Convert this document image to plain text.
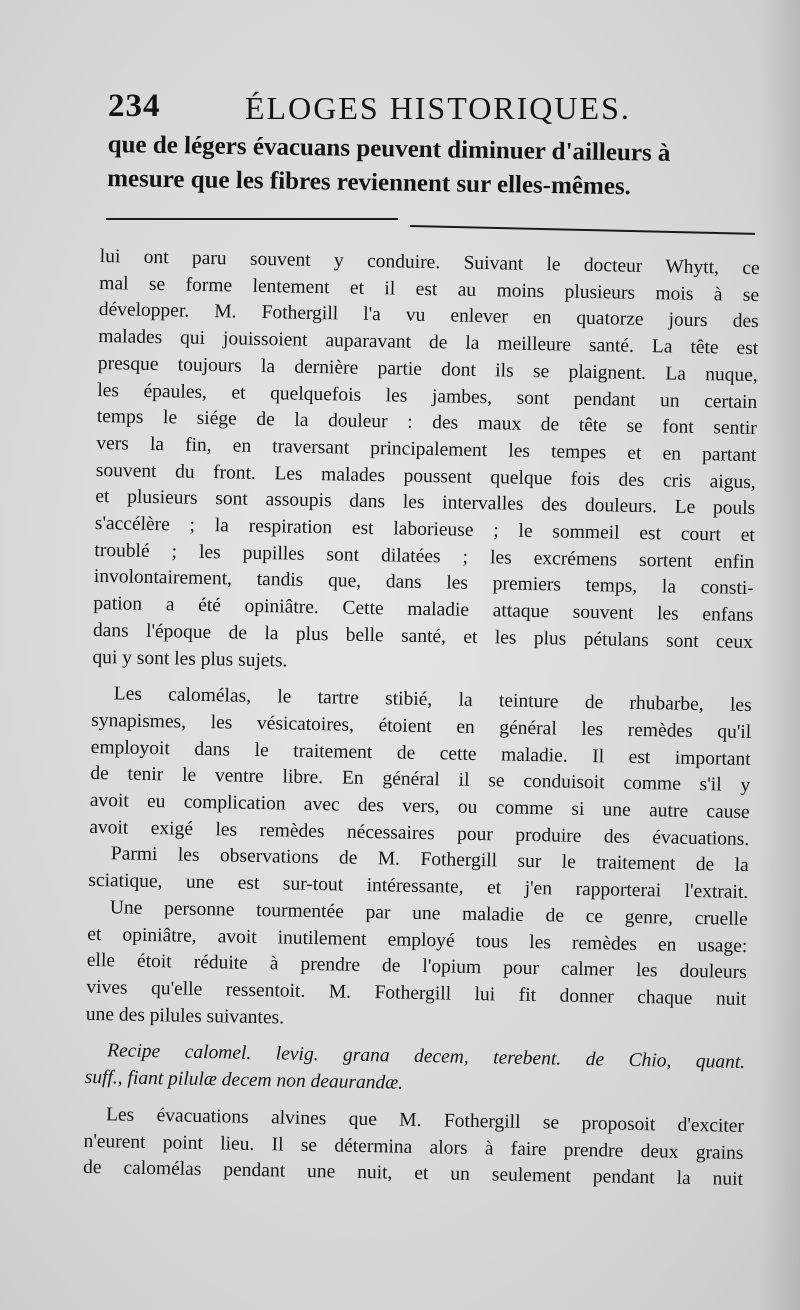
234	ÉLOGES HISTORIQUES.
que de légers évacuans peuvent diminuer d'ailleurs à
mesure que les fibres reviennent sur elles-mêmes.

lui ont paru souvent y conduire. Suivant le docteur Whytt, ce
mal se forme lentement et il est au moins plusieurs mois à se
développer. M. Fothergill l'a vu enlever en quatorze jours des
malades qui jouissoient auparavant de la meilleure santé. La tête est
presque toujours la dernière partie dont ils se plaignent. La nuque,
les épaules, et quelquefois les jambes, sont pendant un certain
temps le siége de la douleur : des maux de tête se font sentir
vers la fin, en traversant principalement les tempes et en partant
souvent du front. Les malades poussent quelque fois des cris aigus,
et plusieurs sont assoupis dans les intervalles des douleurs. Le pouls
s'accélère ; la respiration est laborieuse ; le sommeil est court et
troublé ; les pupilles sont dilatées ; les excrémens sortent enfin
involontairement, tandis que, dans les premiers temps, la consti-
pation a été opiniâtre. Cette maladie attaque souvent les enfans
dans l'époque de la plus belle santé, et les plus pétulans sont ceux
qui y sont les plus sujets.

Les calomélas, le tartre stibié, la teinture de rhubarbe, les
synapismes, les vésicatoires, étoient en général les remèdes qu'il
employoit dans le traitement de cette maladie. Il est important
de tenir le ventre libre. En général il se conduisoit comme s'il y
avoit eu complication avec des vers, ou comme si une autre cause
avoit exigé les remèdes nécessaires pour produire des évacuations.

Parmi les observations de M. Fothergill sur le traitement de la
sciatique, une est sur-tout intéressante, et j'en rapporterai l'extrait.

Une personne tourmentée par une maladie de ce genre, cruelle
et opiniâtre, avoit inutilement employé tous les remèdes en usage:
elle étoit réduite à prendre de l'opium pour calmer les douleurs
vives qu'elle ressentoit. M. Fothergill lui fit donner chaque nuit
une des pilules suivantes.

Recipe calomel. levig. grana decem, terebent. de Chio, quant.
suff., fiant pilulæ decem non deaurandæ.

Les évacuations alvines que M. Fothergill se proposoit d'exciter
n'eurent point lieu. Il se détermina alors à faire prendre deux grains
de calomélas pendant une nuit, et un seulement pendant la nuit
